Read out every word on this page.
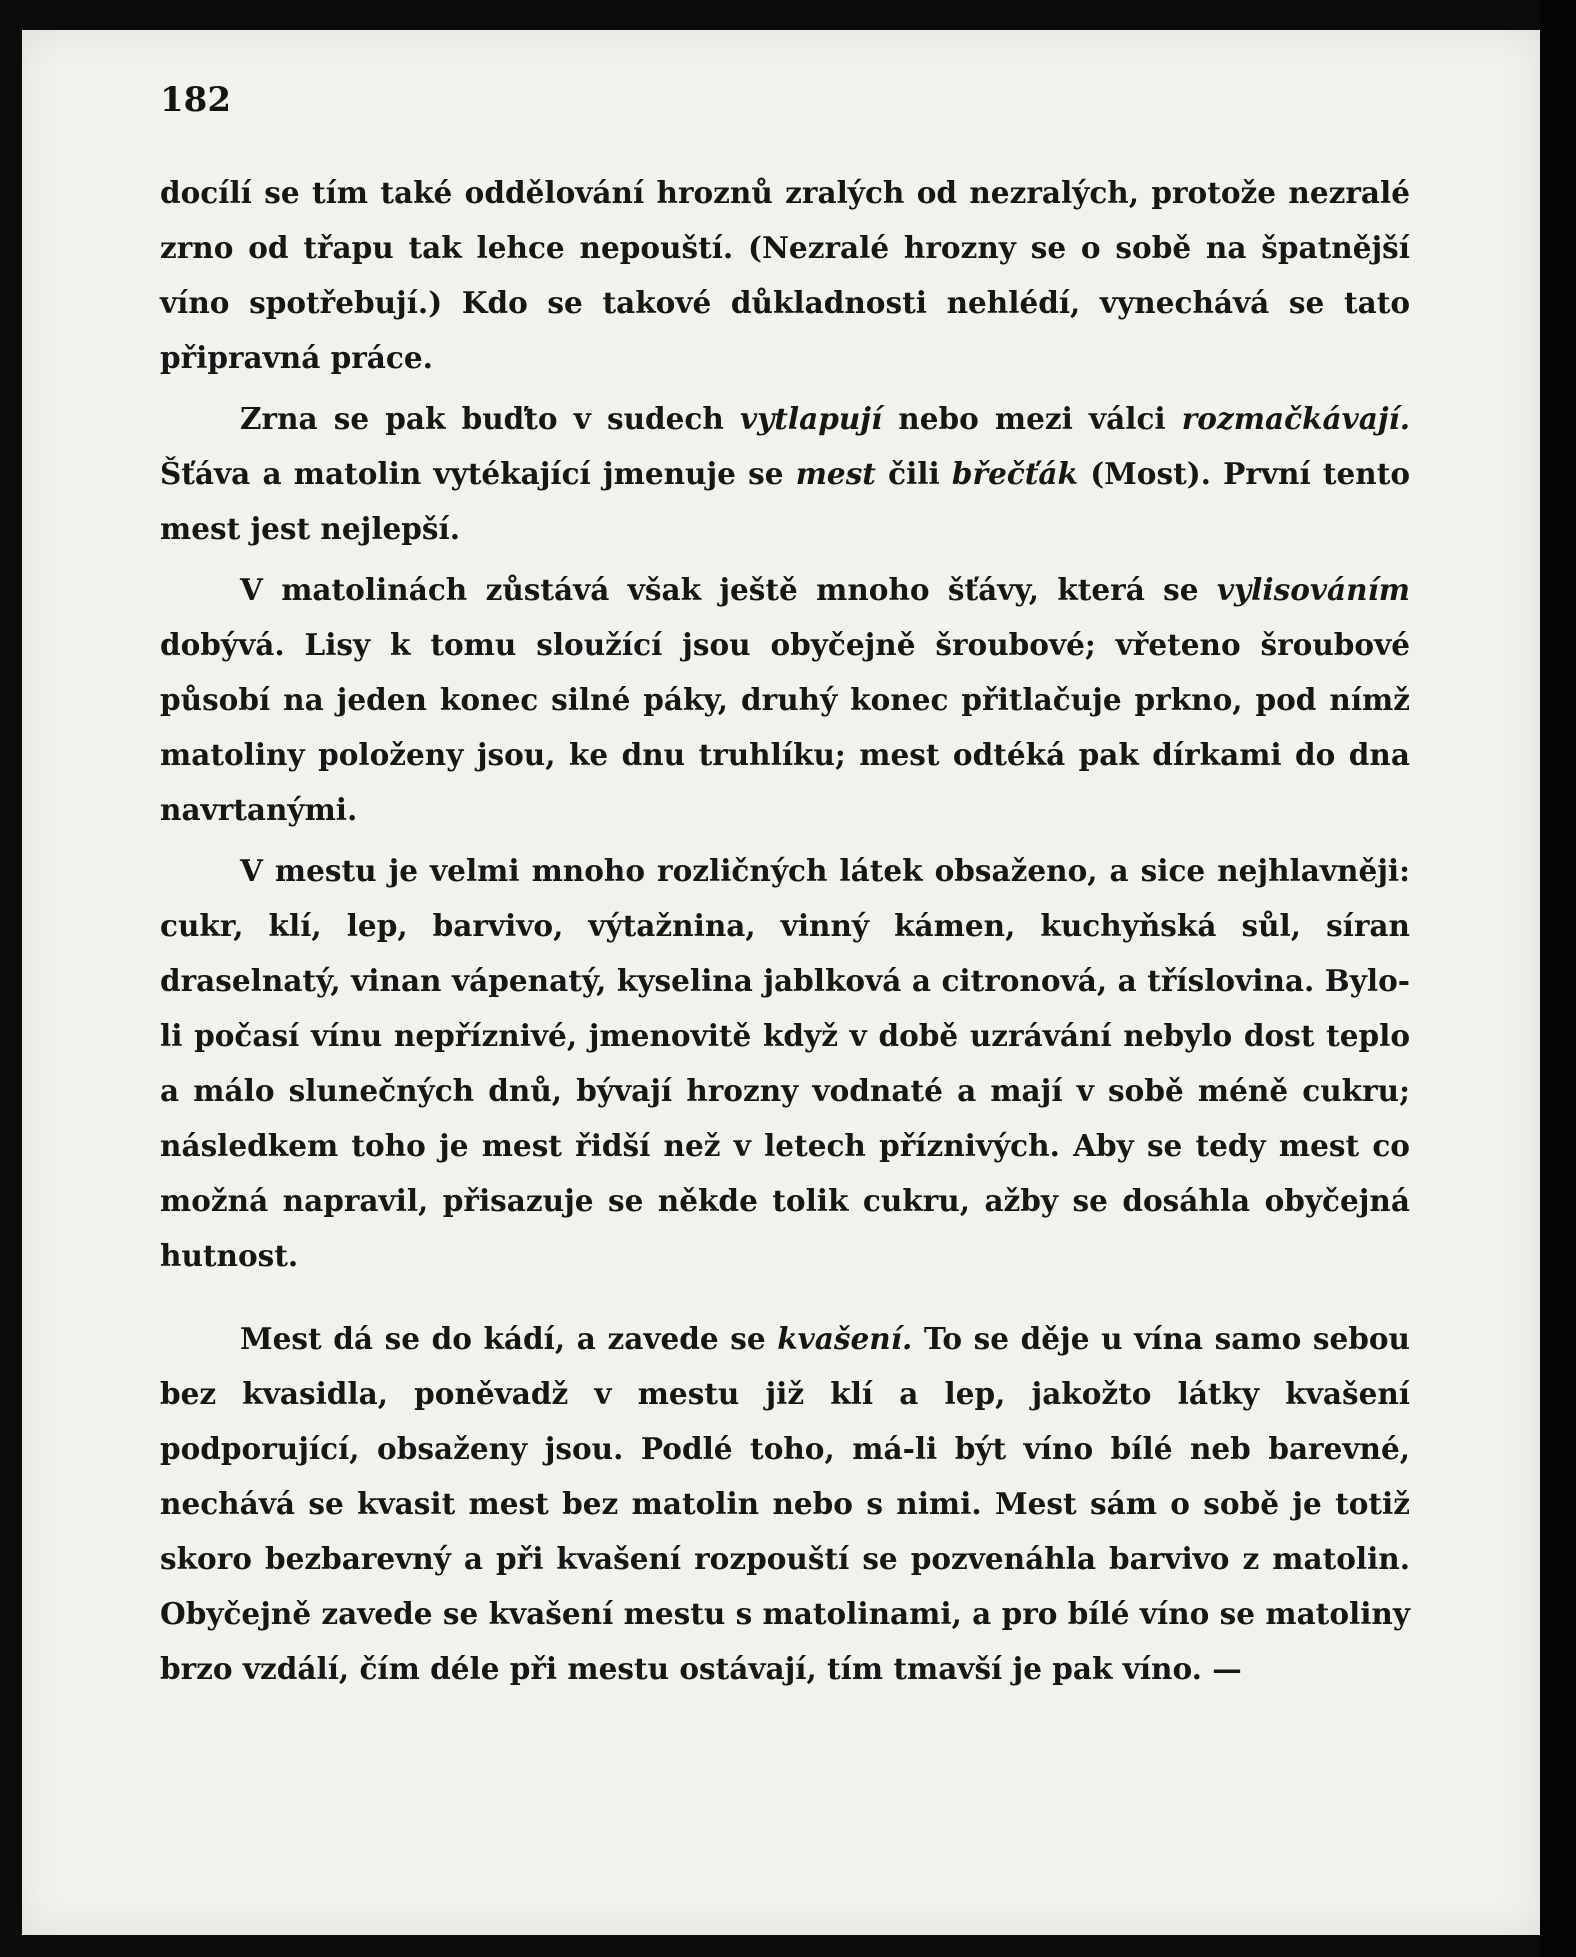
182

docílí se tím také oddělování hroznů zralých od nezralých, protože nezralé zrno od třapu tak lehce nepouští. (Nezralé hrozny se o sobě na špatnější víno spotřebují.) Kdo se takové důkladnosti nehlédí, vynechává se tato připravná práce.

Zrna se pak buďto v sudech vytlapují nebo mezi válci rozmačkávají. Šťáva a matolin vytékající jmenuje se mest čili břečťák (Most). První tento mest jest nejlepší.

V matolinách zůstává však ještě mnoho šťávy, která se vylisováním dobývá. Lisy k tomu sloužící jsou obyčejně šroubové; vřeteno šroubové působí na jeden konec silné páky, druhý konec přitlačuje prkno, pod nímž matoliny položeny jsou, ke dnu truhlíku; mest odtéká pak dírkami do dna navrtanými.

V mestu je velmi mnoho rozličných látek obsaženo, a sice nejhlavněji: cukr, klí, lep, barvivo, výtažnina, vinný kámen, kuchyňská sůl, síran draselnatý, vinan vápenatý, kyselina jablková a citronová, a tříslovina. Bylo-li počasí vínu nepříznivé, jmenovitě když v době uzrávání nebylo dost teplo a málo slunečných dnů, bývají hrozny vodnaté a mají v sobě méně cukru; následkem toho je mest řidší než v letech příznivých. Aby se tedy mest co možná napravil, přisazuje se někde tolik cukru, ažby se dosáhla obyčejná hutnost.

Mest dá se do kádí, a zavede se kvašení. To se děje u vína samo sebou bez kvasidla, poněvadž v mestu již klí a lep, jakožto látky kvašení podporující, obsaženy jsou. Podlé toho, má-li být víno bílé neb barevné, nechává se kvasit mest bez matolin nebo s nimi. Mest sám o sobě je totiž skoro bezbarevný a při kvašení rozpouští se pozvenáhla barvivo z matolin. Obyčejně zavede se kvašení mestu s matolinami, a pro bílé víno se matoliny brzo vzdálí, čím déle při mestu ostávají, tím tmavší je pak víno. —
